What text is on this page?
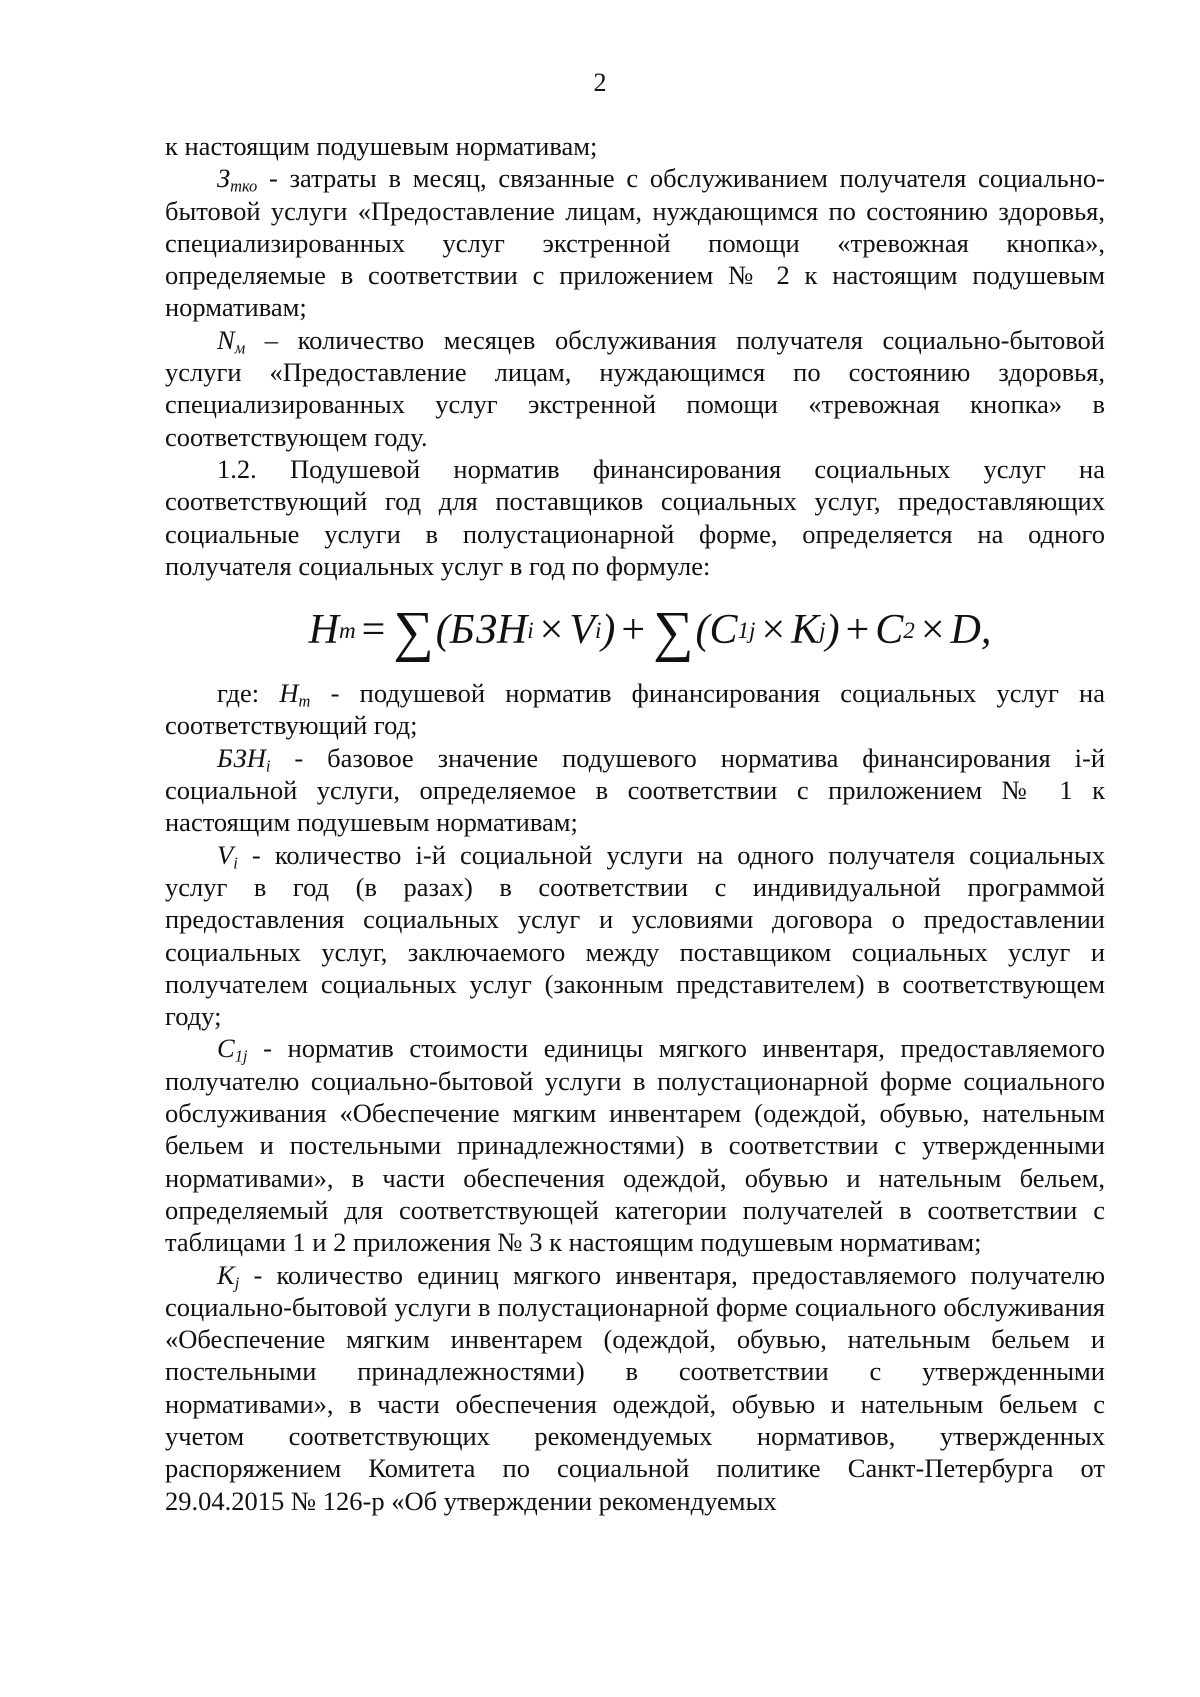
2

к настоящим подушевым нормативам;

$З_{тко}$ - затраты в месяц, связанные с обслуживанием получателя социально-бытовой услуги «Предоставление лицам, нуждающимся по состоянию здоровья, специализированных услуг экстренной помощи «тревожная кнопка», определяемые в соответствии с приложением № 2 к настоящим подушевым нормативам;

$N_м$ – количество месяцев обслуживания получателя социально-бытовой услуги «Предоставление лицам, нуждающимся по состоянию здоровья, специализированных услуг экстренной помощи «тревожная кнопка» в соответствующем году.

1.2. Подушевой норматив финансирования социальных услуг на соответствующий год для поставщиков социальных услуг, предоставляющих социальные услуги в полустационарной форме, определяется на одного получателя социальных услуг в год по формуле:

H m = ∑ (БЗН i × V i ) + ∑ (C 1j × K j ) + C 2 × D ,

где: $Н_m$ - подушевой норматив финансирования социальных услуг на соответствующий год;

$БЗН_i$ - базовое значение подушевого норматива финансирования i-й социальной услуги, определяемое в соответствии с приложением № 1 к настоящим подушевым нормативам;

$V_i$ - количество i-й социальной услуги на одного получателя социальных услуг в год (в разах) в соответствии с индивидуальной программой предоставления социальных услуг и условиями договора о предоставлении социальных услуг, заключаемого между поставщиком социальных услуг и получателем социальных услуг (законным представителем) в соответствующем году;

$C_{1j}$ - норматив стоимости единицы мягкого инвентаря, предоставляемого получателю социально-бытовой услуги в полустационарной форме социального обслуживания «Обеспечение мягким инвентарем (одеждой, обувью, нательным бельем и постельными принадлежностями) в соответствии с утвержденными нормативами», в части обеспечения одеждой, обувью и нательным бельем, определяемый для соответствующей категории получателей в соответствии с таблицами 1 и 2 приложения № 3 к настоящим подушевым нормативам;

$K_j$ - количество единиц мягкого инвентаря, предоставляемого получателю социально-бытовой услуги в полустационарной форме социального обслуживания «Обеспечение мягким инвентарем (одеждой, обувью, нательным бельем и постельными принадлежностями) в соответствии с утвержденными нормативами», в части обеспечения одеждой, обувью и нательным бельем с учетом соответствующих рекомендуемых нормативов, утвержденных распоряжением Комитета по социальной политике Санкт-Петербурга от 29.04.2015 № 126-р «Об утверждении рекомендуемых
